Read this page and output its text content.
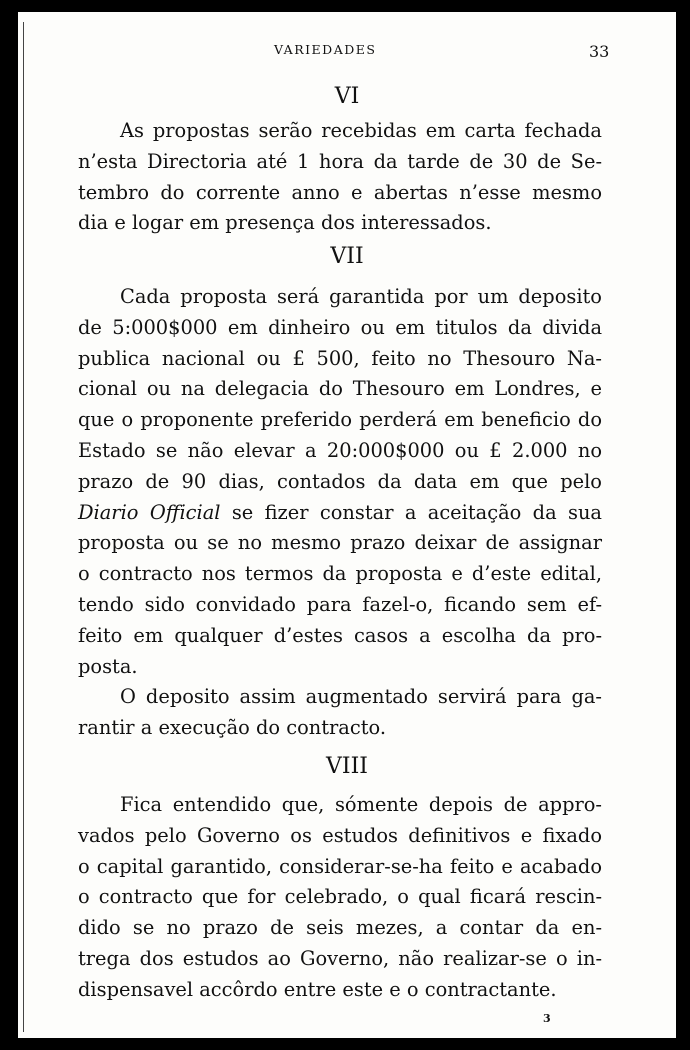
VARIEDADES	33
VI
As propostas serão recebidas em carta fechada
n’esta Directoria até 1 hora da tarde de 30 de Se-
tembro do corrente anno e abertas n’esse mesmo
dia e logar em presença dos interessados.
VII
Cada proposta será garantida por um deposito
de 5:000$000 em dinheiro ou em titulos da divida
publica nacional ou £ 500, feito no Thesouro Na-
cional ou na delegacia do Thesouro em Londres, e
que o proponente preferido perderá em beneficio do
Estado se não elevar a 20:000$000 ou £ 2.000 no
prazo de 90 dias, contados da data em que pelo
Diario Official se fizer constar a aceitação da sua
proposta ou se no mesmo prazo deixar de assignar
o contracto nos termos da proposta e d’este edital,
tendo sido convidado para fazel-o, ficando sem ef-
feito em qualquer d’estes casos a escolha da pro-
posta.
O deposito assim augmentado servirá para ga-
rantir a execução do contracto.
VIII
Fica entendido que, sómente depois de appro-
vados pelo Governo os estudos definitivos e fixado
o capital garantido, considerar-se-ha feito e acabado
o contracto que for celebrado, o qual ficará rescin-
dido se no prazo de seis mezes, a contar da en-
trega dos estudos ao Governo, não realizar-se o in-
dispensavel accôrdo entre este e o contractante.
3
